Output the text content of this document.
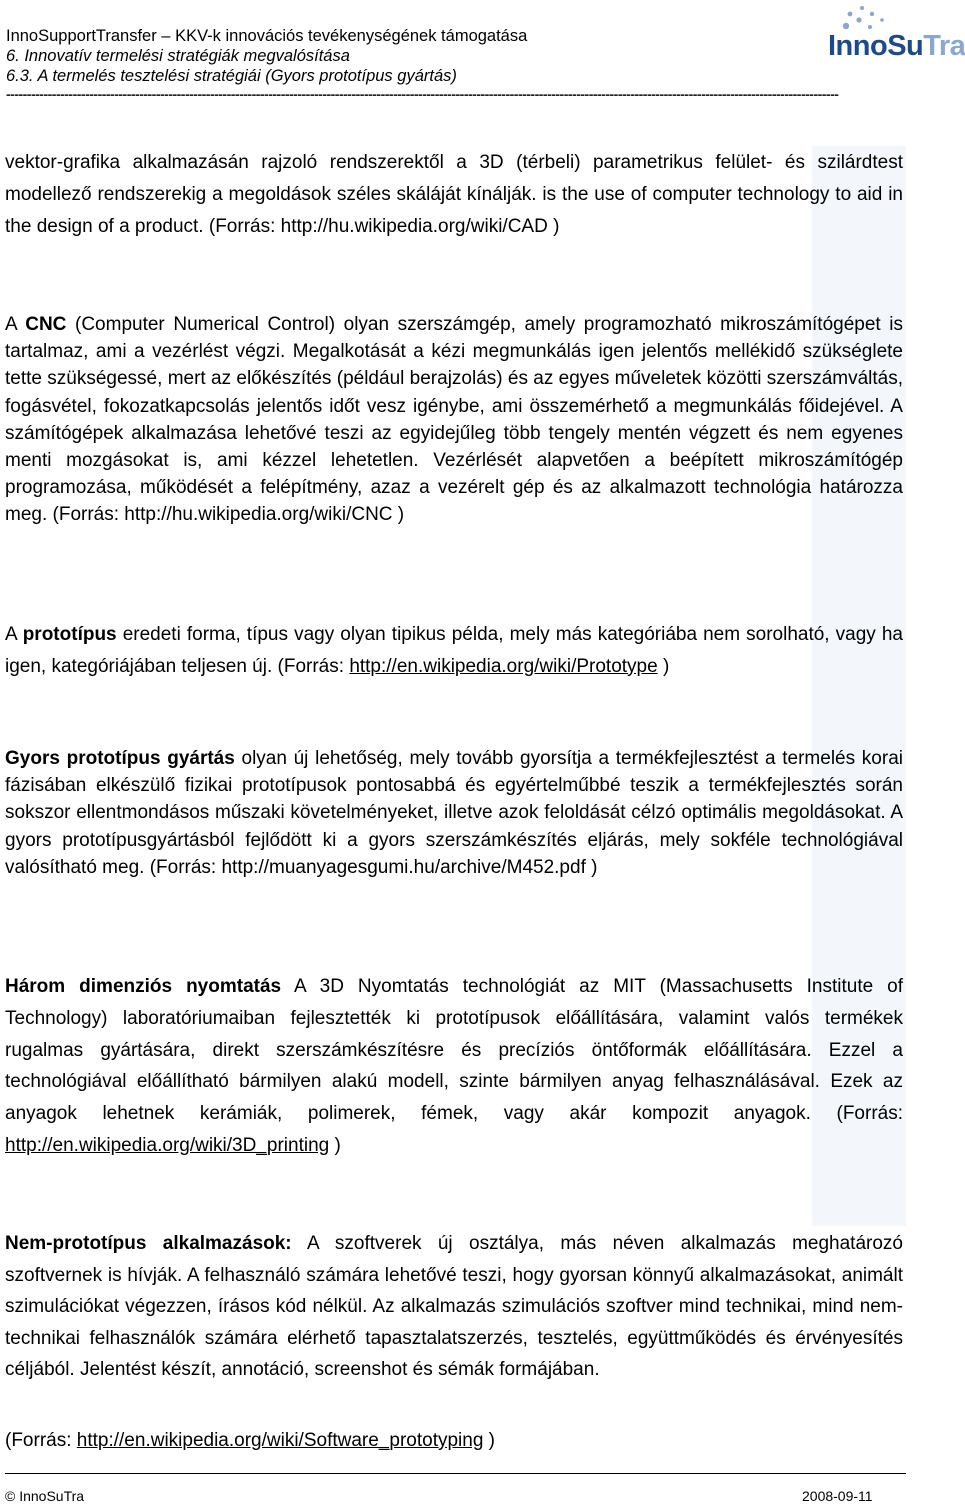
InnoSupportTransfer – KKV-k innovációs tevékenységének támogatása
6. Innovatív termelési stratégiák megvalósítása
6.3. A termelés tesztelési stratégiái (Gyors prototípus gyártás)
--------------------------------------------------------------------------------------------------------------------------------------------------------------------------------------------------------
InnoSuTra

vektor-grafika alkalmazásán rajzoló rendszerektől a 3D (térbeli) parametrikus felület- és szilárdtest modellező rendszerekig a megoldások széles skáláját kínálják. is the use of computer technology to aid in the design of a product. (Forrás: http://hu.wikipedia.org/wiki/CAD )

A CNC (Computer Numerical Control) olyan szerszámgép, amely programozható mikroszámítógépet is tartalmaz, ami a vezérlést végzi. Megalkotását a kézi megmunkálás igen jelentős mellékidő szükséglete tette szükségessé, mert az előkészítés (például berajzolás) és az egyes műveletek közötti szerszámváltás, fogásvétel, fokozatkapcsolás jelentős időt vesz igénybe, ami összemérhető a megmunkálás főidejével. A számítógépek alkalmazása lehetővé teszi az egyidejűleg több tengely mentén végzett és nem egyenes menti mozgásokat is, ami kézzel lehetetlen. Vezérlését alapvetően a beépített mikroszámítógép programozása, működését a felépítmény, azaz a vezérelt gép és az alkalmazott technológia határozza meg. (Forrás: http://hu.wikipedia.org/wiki/CNC )

A prototípus eredeti forma, típus vagy olyan tipikus példa, mely más kategóriába nem sorolható, vagy ha igen, kategóriájában teljesen új. (Forrás: http://en.wikipedia.org/wiki/Prototype )

Gyors prototípus gyártás olyan új lehetőség, mely tovább gyorsítja a termékfejlesztést a termelés korai fázisában elkészülő fizikai prototípusok pontosabbá és egyértelműbbé teszik a termékfejlesztés során sokszor ellentmondásos műszaki követelményeket, illetve azok feloldását célzó optimális megoldásokat. A gyors prototípusgyártásból fejlődött ki a gyors szerszámkészítés eljárás, mely sokféle technológiával valósítható meg. (Forrás: http://muanyagesgumi.hu/archive/M452.pdf )

Három dimenziós nyomtatás A 3D Nyomtatás technológiát az MIT (Massachusetts Institute of Technology) laboratóriumaiban fejlesztették ki prototípusok előállítására, valamint valós termékek rugalmas gyártására, direkt szerszámkészítésre és precíziós öntőformák előállítására. Ezzel a technológiával előállítható bármilyen alakú modell, szinte bármilyen anyag felhasználásával. Ezek az anyagok lehetnek kerámiák, polimerek, fémek, vagy akár kompozit anyagok. (Forrás: http://en.wikipedia.org/wiki/3D_printing )

Nem-prototípus alkalmazások: A szoftverek új osztálya, más néven alkalmazás meghatározó szoftvernek is hívják. A felhasználó számára lehetővé teszi, hogy gyorsan könnyű alkalmazásokat, animált szimulációkat végezzen, írásos kód nélkül. Az alkalmazás szimulációs szoftver mind technikai, mind nem-technikai felhasználók számára elérhető tapasztalatszerzés, tesztelés, együttműködés és érvényesítés céljából. Jelentést készít, annotáció, screenshot és sémák formájában.

(Forrás: http://en.wikipedia.org/wiki/Software_prototyping )

© InnoSuTra	2008-09-11
